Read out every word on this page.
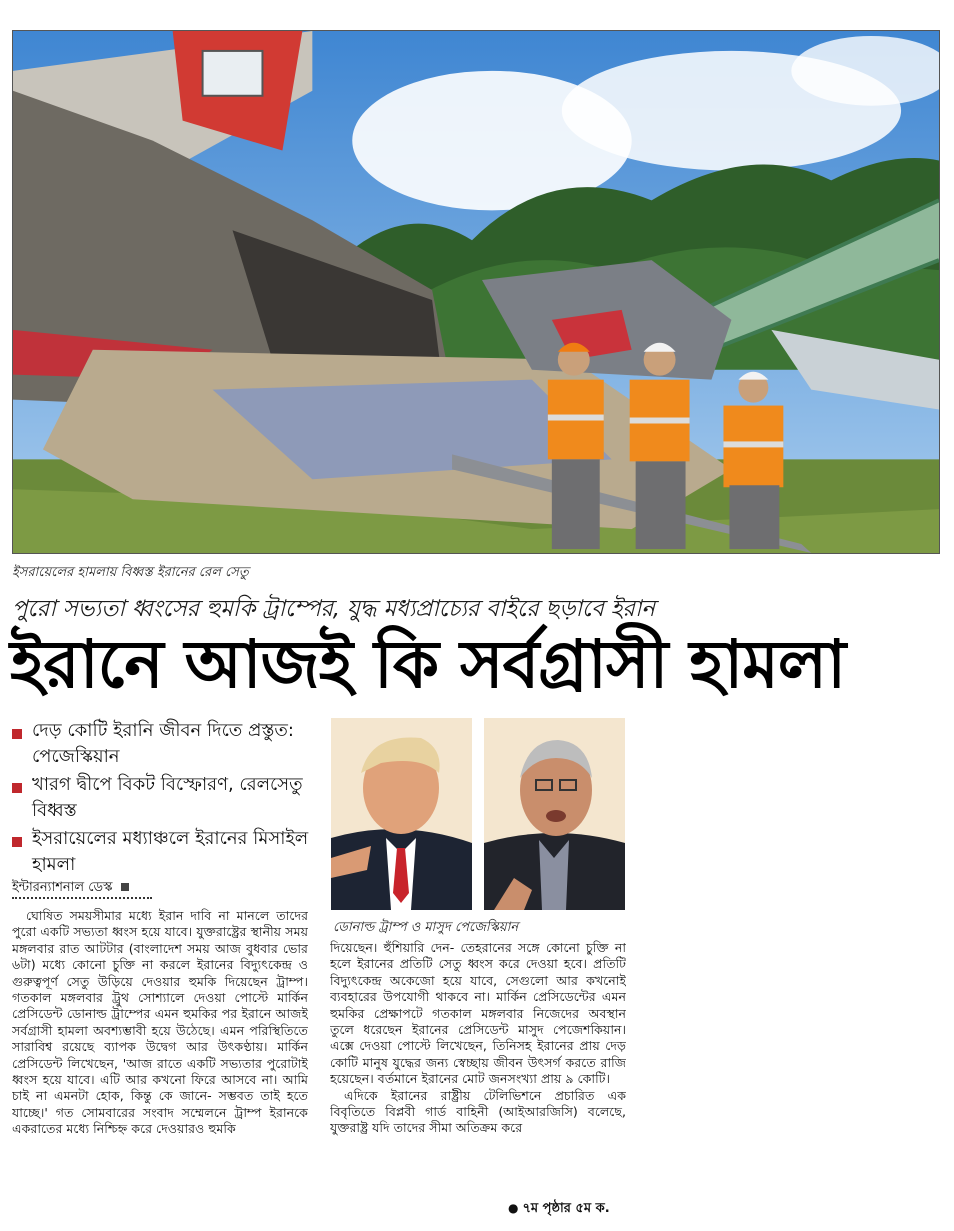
ইসরায়েলের হামলায় বিধ্বস্ত ইরানের রেল সেতু
পুরো সভ্যতা ধ্বংসের হুমকি ট্রাম্পের, যুদ্ধ মধ্যপ্রাচ্যের বাইরে ছড়াবে ইরান
ইরানে আজই কি সর্বগ্রাসী হামলা
দেড় কোটি ইরানি জীবন দিতে প্রস্তুত: পেজেস্কিয়ান
খারগ দ্বীপে বিকট বিস্ফোরণ, রেলসেতু বিধ্বস্ত
ইসরায়েলের মধ্যাঞ্চলে ইরানের মিসাইল হামলা
ইন্টারন্যাশনাল ডেস্ক

ঘোষিত সময়সীমার মধ্যে ইরান দাবি না মানলে তাদের পুরো একটি সভ্যতা ধ্বংস হয়ে যাবে। যুক্তরাষ্ট্রের স্থানীয় সময় মঙ্গলবার রাত আটটার (বাংলাদেশ সময় আজ বুধবার ভোর ৬টা) মধ্যে কোনো চুক্তি না করলে ইরানের বিদ্যুৎকেন্দ্র ও গুরুত্বপূর্ণ সেতু উড়িয়ে দেওয়ার হুমকি দিয়েছেন ট্রাম্প। গতকাল মঙ্গলবার ট্রুথ সোশ্যালে দেওয়া পোস্টে মার্কিন প্রেসিডেন্ট ডোনাল্ড ট্রাম্পের এমন হুমকির পর ইরানে আজই সর্বগ্রাসী হামলা অবশ্যম্ভাবী হয়ে উঠেছে। এমন পরিস্থিতিতে সারাবিশ্ব রয়েছে ব্যাপক উদ্বেগ আর উৎকণ্ঠায়। মার্কিন প্রেসিডেন্ট লিখেছেন, 'আজ রাতে একটি সভ্যতার পুরোটাই ধ্বংস হয়ে যাবে। এটি আর কখনো ফিরে আসবে না। আমি চাই না এমনটা হোক, কিন্তু কে জানে- সম্ভবত তাই হতে যাচ্ছে।' গত সোমবারের সংবাদ সম্মেলনে ট্রাম্প ইরানকে একরাতের মধ্যে নিশ্চিহ্ন করে দেওয়ারও হুমকি

ডোনাল্ড ট্রাম্প ও মাসুদ পেজেস্কিয়ান

দিয়েছেন। হুঁশিয়ারি দেন- তেহরানের সঙ্গে কোনো চুক্তি না হলে ইরানের প্রতিটি সেতু ধ্বংস করে দেওয়া হবে। প্রতিটি বিদ্যুৎকেন্দ্র অকেজো হয়ে যাবে, সেগুলো আর কখনোই ব্যবহারের উপযোগী থাকবে না। মার্কিন প্রেসিডেন্টের এমন হুমকির প্রেক্ষাপটে গতকাল মঙ্গলবার নিজেদের অবস্থান তুলে ধরেছেন ইরানের প্রেসিডেন্ট মাসুদ পেজেশকিয়ান। এক্সে দেওয়া পোস্টে লিখেছেন, তিনিসহ ইরানের প্রায় দেড় কোটি মানুষ যুদ্ধের জন্য স্বেচ্ছায় জীবন উৎসর্গ করতে রাজি হয়েছেন। বর্তমানে ইরানের মোট জনসংখ্যা প্রায় ৯ কোটি।

এদিকে ইরানের রাষ্ট্রীয় টেলিভিশনে প্রচারিত এক বিবৃতিতে বিপ্লবী গার্ড বাহিনী (আইআরজিসি) বলেছে, যুক্তরাষ্ট্র যদি তাদের সীমা অতিক্রম করে

● ৭ম পৃষ্ঠার ৫ম ক.
